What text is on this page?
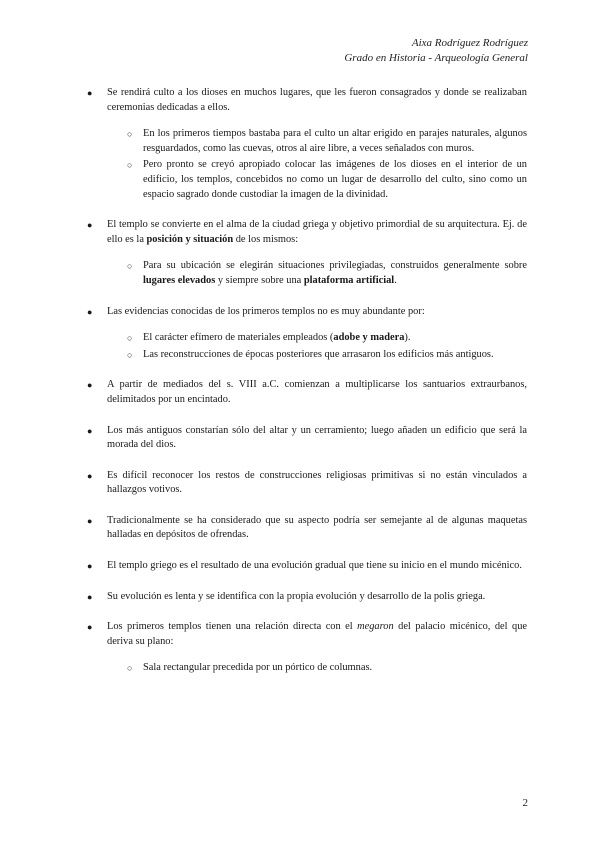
Aixa Rodríguez Rodríguez
Grado en Historia - Arqueología General
● Se rendirá culto a los dioses en muchos lugares, que les fueron consagrados y donde se realizaban ceremonias dedicadas a ellos.
○ En los primeros tiempos bastaba para el culto un altar erigido en parajes naturales, algunos resguardados, como las cuevas, otros al aire libre, a veces señalados con muros.
○ Pero pronto se creyó apropiado colocar las imágenes de los dioses en el interior de un edificio, los templos, concebidos no como un lugar de desarrollo del culto, sino como un espacio sagrado donde custodiar la imagen de la divinidad.
● El templo se convierte en el alma de la ciudad griega y objetivo primordial de su arquitectura. Ej. de ello es la posición y situación de los mismos:
○ Para su ubicación se elegirán situaciones privilegiadas, construidos generalmente sobre lugares elevados y siempre sobre una plataforma artificial.
● Las evidencias conocidas de los primeros templos no es muy abundante por:
○ El carácter efímero de materiales empleados (adobe y madera).
○ Las reconstrucciones de épocas posteriores que arrasaron los edificios más antiguos.
● A partir de mediados del s. VIII a.C. comienzan a multiplicarse los santuarios extraurbanos, delimitados por un encintado.
● Los más antiguos constarían sólo del altar y un cerramiento; luego añaden un edificio que será la morada del dios.
● Es difícil reconocer los restos de construcciones religiosas primitivas si no están vinculados a hallazgos votivos.
● Tradicionalmente se ha considerado que su aspecto podría ser semejante al de algunas maquetas halladas en depósitos de ofrendas.
● El templo griego es el resultado de una evolución gradual que tiene su inicio en el mundo micénico.
● Su evolución es lenta y se identifica con la propia evolución y desarrollo de la polis griega.
● Los primeros templos tienen una relación directa con el megaron del palacio micénico, del que deriva su plano:
○ Sala rectangular precedida por un pórtico de columnas.
2
